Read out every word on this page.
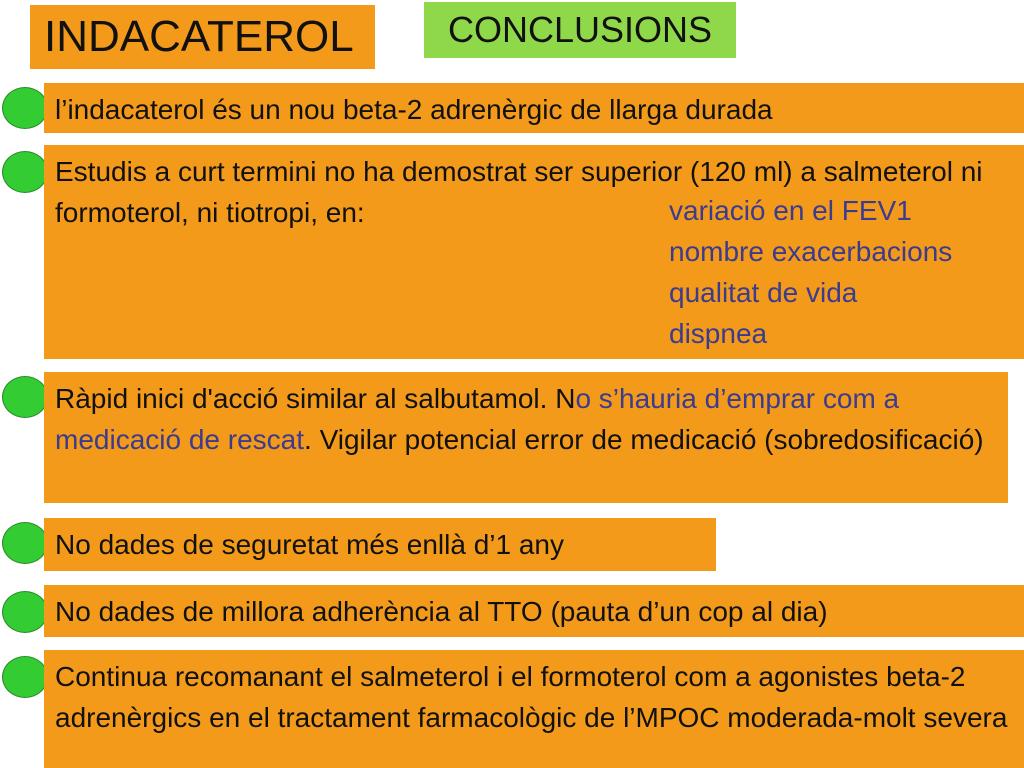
INDACATEROL	CONCLUSIONS
l’indacaterol és un nou beta-2 adrenèrgic de llarga durada
Estudis a curt termini no ha demostrat ser superior (120 ml) a salmeterol ni formoterol, ni tiotropi, en:	variació en el FEV1
nombre exacerbacions
qualitat de vida
dispnea
Ràpid inici d'acció similar al salbutamol. No s’hauria d’emprar com a medicació de rescat. Vigilar potencial error de medicació (sobredosificació)
No dades de seguretat més enllà d’1 any
No dades de millora adherència al TTO (pauta d’un cop al dia)
Continua recomanant el salmeterol i el formoterol com a agonistes beta-2 adrenèrgics en el tractament farmacològic de l’MPOC moderada-molt severa
